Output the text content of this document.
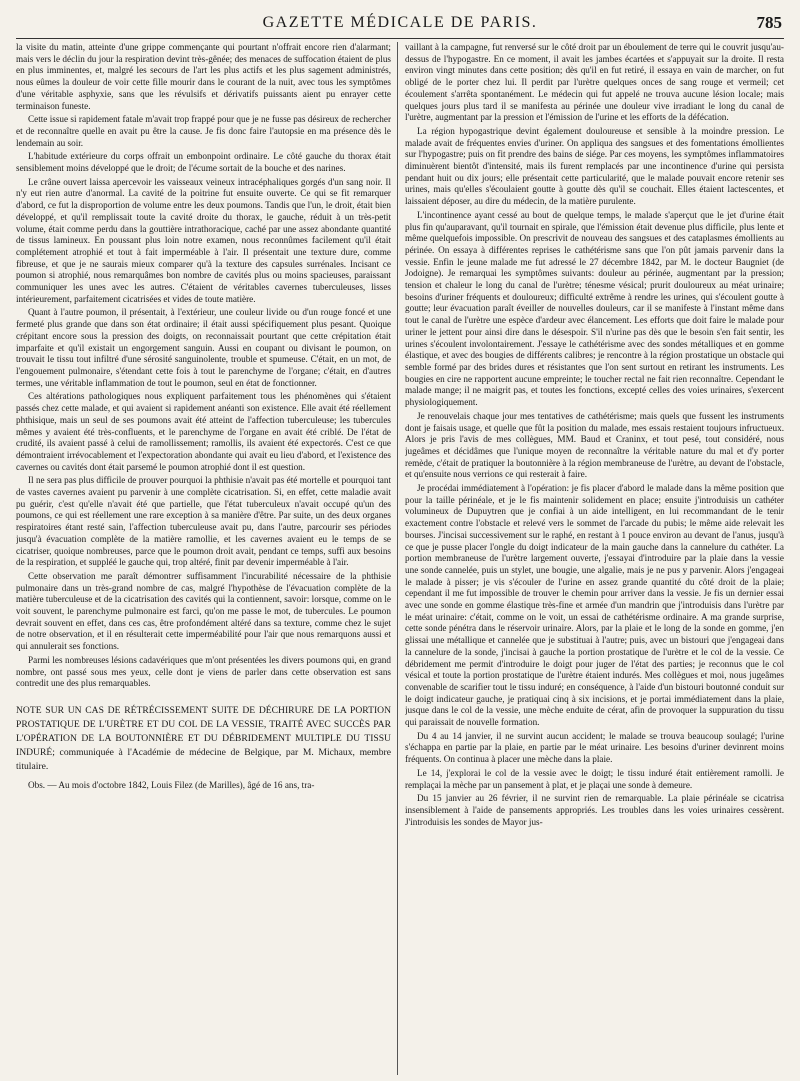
GAZETTE MÉDICALE DE PARIS.	785

la visite du matin, atteinte d'une grippe commençante qui pourtant n'offrait encore rien d'alarmant; mais vers le déclin du jour la respiration devint très-gênée; des menaces de suffocation étaient de plus en plus imminentes, et, malgré les secours de l'art les plus actifs et les plus sagement administrés, nous eûmes la douleur de voir cette fille mourir dans le courant de la nuit, avec tous les symptômes d'une véritable asphyxie, sans que les révulsifs et dérivatifs puissants aient pu enrayer cette terminaison funeste.

Cette issue si rapidement fatale m'avait trop frappé pour que je ne fusse pas désireux de rechercher et de reconnaître quelle en avait pu être la cause. Je fis donc faire l'autopsie en ma présence dès le lendemain au soir.

L'habitude extérieure du corps offrait un embonpoint ordinaire. Le côté gauche du thorax était sensiblement moins développé que le droit; de l'écume sortait de la bouche et des narines.

Le crâne ouvert laissa apercevoir les vaisseaux veineux intracéphaliques gorgés d'un sang noir. Il n'y eut rien autre d'anormal. La cavité de la poitrine fut ensuite ouverte. Ce qui se fit remarquer d'abord, ce fut la disproportion de volume entre les deux poumons. Tandis que l'un, le droit, était bien développé, et qu'il remplissait toute la cavité droite du thorax, le gauche, réduit à un très-petit volume, était comme perdu dans la gouttière intrathoracique, caché par une assez abondante quantité de tissus lamineux. En poussant plus loin notre examen, nous reconnûmes facilement qu'il était complétement atrophié et tout à fait imperméable à l'air. Il présentait une texture dure, comme fibreuse, et que je ne saurais mieux comparer qu'à la texture des capsules surrénales. Incisant ce poumon si atrophié, nous remarquâmes bon nombre de cavités plus ou moins spacieuses, paraissant communiquer les unes avec les autres. C'étaient de véritables cavernes tuberculeuses, lisses intérieurement, parfaitement cicatrisées et vides de toute matière.

Quant à l'autre poumon, il présentait, à l'extérieur, une couleur livide ou d'un rouge foncé et une fermeté plus grande que dans son état ordinaire; il était aussi spécifiquement plus pesant. Quoique crépitant encore sous la pression des doigts, on reconnaissait pourtant que cette crépitation était imparfaite et qu'il existait un engorgement sanguin. Aussi en coupant ou divisant le poumon, on trouvait le tissu tout infiltré d'une sérosité sanguinolente, trouble et spumeuse. C'était, en un mot, de l'engouement pulmonaire, s'étendant cette fois à tout le parenchyme de l'organe; c'était, en d'autres termes, une véritable inflammation de tout le poumon, seul en état de fonctionner.

Ces altérations pathologiques nous expliquent parfaitement tous les phénomènes qui s'étaient passés chez cette malade, et qui avaient si rapidement anéanti son existence. Elle avait été réellement phthisique, mais un seul de ses poumons avait été atteint de l'affection tuberculeuse; les tubercules mêmes y avaient été très-confluents, et le parenchyme de l'organe en avait été criblé. De l'état de crudité, ils avaient passé à celui de ramollissement; ramollis, ils avaient été expectorés. C'est ce que démontraient irrévocablement et l'expectoration abondante qui avait eu lieu d'abord, et l'existence des cavernes ou cavités dont était parsemé le poumon atrophié dont il est question.

Il ne sera pas plus difficile de prouver pourquoi la phthisie n'avait pas été mortelle et pourquoi tant de vastes cavernes avaient pu parvenir à une complète cicatrisation. Si, en effet, cette maladie avait pu guérir, c'est qu'elle n'avait été que partielle, que l'état tuberculeux n'avait occupé qu'un des poumons, ce qui est réellement une rare exception à sa manière d'être. Par suite, un des deux organes respiratoires étant resté sain, l'affection tuberculeuse avait pu, dans l'autre, parcourir ses périodes jusqu'à évacuation complète de la matière ramollie, et les cavernes avaient eu le temps de se cicatriser, quoique nombreuses, parce que le poumon droit avait, pendant ce temps, suffi aux besoins de la respiration, et suppléé le gauche qui, trop altéré, finit par devenir imperméable à l'air.

Cette observation me paraît démontrer suffisamment l'incurabilité nécessaire de la phthisie pulmonaire dans un très-grand nombre de cas, malgré l'hypothèse de l'évacuation complète de la matière tuberculeuse et de la cicatrisation des cavités qui la contiennent, savoir: lorsque, comme on le voit souvent, le parenchyme pulmonaire est farci, qu'on me passe le mot, de tubercules. Le poumon devrait souvent en effet, dans ces cas, être profondément altéré dans sa texture, comme chez le sujet de notre observation, et il en résulterait cette imperméabilité pour l'air que nous remarquons aussi et qui annulerait ses fonctions.

Parmi les nombreuses lésions cadavériques que m'ont présentées les divers poumons qui, en grand nombre, ont passé sous mes yeux, celle dont je viens de parler dans cette observation est sans contredit une des plus remarquables.

NOTE SUR UN CAS DE RÉTRÉCISSEMENT SUITE DE DÉCHIRURE DE LA PORTION PROSTATIQUE DE L'URÈTRE ET DU COL DE LA VESSIE, TRAITÉ AVEC SUCCÈS PAR L'OPÉRATION DE LA BOUTONNIÈRE ET DU DÉBRIDEMENT MULTIPLE DU TISSU INDURÉ; communiquée à l'Académie de médecine de Belgique, par M. Michaux, membre titulaire.

Obs. — Au mois d'octobre 1842, Louis Filez (de Marilles), âgé de 16 ans, tra-

vaillant à la campagne, fut renversé sur le côté droit par un éboulement de terre qui le couvrit jusqu'au-dessus de l'hypogastre. En ce moment, il avait les jambes écartées et s'appuyait sur la droite. Il resta environ vingt minutes dans cette position; dès qu'il en fut retiré, il essaya en vain de marcher, on fut obligé de le porter chez lui. Il perdit par l'urètre quelques onces de sang rouge et vermeil; cet écoulement s'arrêta spontanément. Le médecin qui fut appelé ne trouva aucune lésion locale; mais quelques jours plus tard il se manifesta au périnée une douleur vive irradiant le long du canal de l'urètre, augmentant par la pression et l'émission de l'urine et les efforts de la défécation.

La région hypogastrique devint également douloureuse et sensible à la moindre pression. Le malade avait de fréquentes envies d'uriner. On appliqua des sangsues et des fomentations émollientes sur l'hypogastre; puis on fit prendre des bains de siége. Par ces moyens, les symptômes inflammatoires diminuèrent bientôt d'intensité, mais ils furent remplacés par une incontinence d'urine qui persista pendant huit ou dix jours; elle présentait cette particularité, que le malade pouvait encore retenir ses urines, mais qu'elles s'écoulaient goutte à goutte dès qu'il se couchait. Elles étaient lactescentes, et laissaient déposer, au dire du médecin, de la matière purulente.

L'incontinence ayant cessé au bout de quelque temps, le malade s'aperçut que le jet d'urine était plus fin qu'auparavant, qu'il tournait en spirale, que l'émission était devenue plus difficile, plus lente et même quelquefois impossible. On prescrivit de nouveau des sangsues et des cataplasmes émollients au périnée. On essaya à différentes reprises le cathétérisme sans que l'on pût jamais parvenir dans la vessie. Enfin le jeune malade me fut adressé le 27 décembre 1842, par M. le docteur Baugniet (de Jodoigne). Je remarquai les symptômes suivants: douleur au périnée, augmentant par la pression; tension et chaleur le long du canal de l'urètre; ténesme vésical; prurit douloureux au méat urinaire; besoins d'uriner fréquents et douloureux; difficulté extrême à rendre les urines, qui s'écoulent goutte à goutte; leur évacuation paraît éveiller de nouvelles douleurs, car il se manifeste à l'instant même dans tout le canal de l'urètre une espèce d'ardeur avec élancement. Les efforts que doit faire le malade pour uriner le jettent pour ainsi dire dans le désespoir. S'il n'urine pas dès que le besoin s'en fait sentir, les urines s'écoulent involontairement. J'essaye le cathétérisme avec des sondes métalliques et en gomme élastique, et avec des bougies de différents calibres; je rencontre à la région prostatique un obstacle qui semble formé par des brides dures et résistantes que l'on sent surtout en retirant les instruments. Les bougies en cire ne rapportent aucune empreinte; le toucher rectal ne fait rien reconnaître. Cependant le malade mange; il ne maigrit pas, et toutes les fonctions, excepté celles des voies urinaires, s'exercent physiologiquement.

Je renouvelais chaque jour mes tentatives de cathétérisme; mais quels que fussent les instruments dont je faisais usage, et quelle que fût la position du malade, mes essais restaient toujours infructueux. Alors je pris l'avis de mes collègues, MM. Baud et Craninx, et tout pesé, tout considéré, nous jugeâmes et décidâmes que l'unique moyen de reconnaître la véritable nature du mal et d'y porter remède, c'était de pratiquer la boutonnière à la région membraneuse de l'urètre, au devant de l'obstacle, et qu'ensuite nous verrions ce qui resterait à faire.

Je procédai immédiatement à l'opération: je fis placer d'abord le malade dans la même position que pour la taille périnéale, et je le fis maintenir solidement en place; ensuite j'introduisis un cathéter volumineux de Dupuytren que je confiai à un aide intelligent, en lui recommandant de le tenir exactement contre l'obstacle et relevé vers le sommet de l'arcade du pubis; le même aide relevait les bourses. J'incisai successivement sur le raphé, en restant à 1 pouce environ au devant de l'anus, jusqu'à ce que je pusse placer l'ongle du doigt indicateur de la main gauche dans la cannelure du cathéter. La portion membraneuse de l'urètre largement ouverte, j'essayai d'introduire par la plaie dans la vessie une sonde cannelée, puis un stylet, une bougie, une algalie, mais je ne pus y parvenir. Alors j'engageai le malade à pisser; je vis s'écouler de l'urine en assez grande quantité du côté droit de la plaie; cependant il me fut impossible de trouver le chemin pour arriver dans la vessie. Je fis un dernier essai avec une sonde en gomme élastique très-fine et armée d'un mandrin que j'introduisis dans l'urètre par le méat urinaire: c'était, comme on le voit, un essai de cathétérisme ordinaire. A ma grande surprise, cette sonde pénétra dans le réservoir urinaire. Alors, par la plaie et le long de la sonde en gomme, j'en glissai une métallique et cannelée que je substituai à l'autre; puis, avec un bistouri que j'engageai dans la cannelure de la sonde, j'incisai à gauche la portion prostatique de l'urètre et le col de la vessie. Ce débridement me permit d'introduire le doigt pour juger de l'état des parties; je reconnus que le col vésical et toute la portion prostatique de l'urètre étaient indurés. Mes collègues et moi, nous jugeâmes convenable de scarifier tout le tissu induré; en conséquence, à l'aide d'un bistouri boutonné conduit sur le doigt indicateur gauche, je pratiquai cinq à six incisions, et je portai immédiatement dans la plaie, jusque dans le col de la vessie, une mèche enduite de cérat, afin de provoquer la suppuration du tissu qui paraissait de nouvelle formation.

Du 4 au 14 janvier, il ne survint aucun accident; le malade se trouva beaucoup soulagé; l'urine s'échappa en partie par la plaie, en partie par le méat urinaire. Les besoins d'uriner devinrent moins fréquents. On continua à placer une mèche dans la plaie.

Le 14, j'explorai le col de la vessie avec le doigt; le tissu induré était entièrement ramolli. Je remplaçai la mèche par un pansement à plat, et je plaçai une sonde à demeure.

Du 15 janvier au 26 février, il ne survint rien de remarquable. La plaie périnéale se cicatrisa insensiblement à l'aide de pansements appropriés. Les troubles dans les voies urinaires cessèrent. J'introduisis les sondes de Mayor jus-
